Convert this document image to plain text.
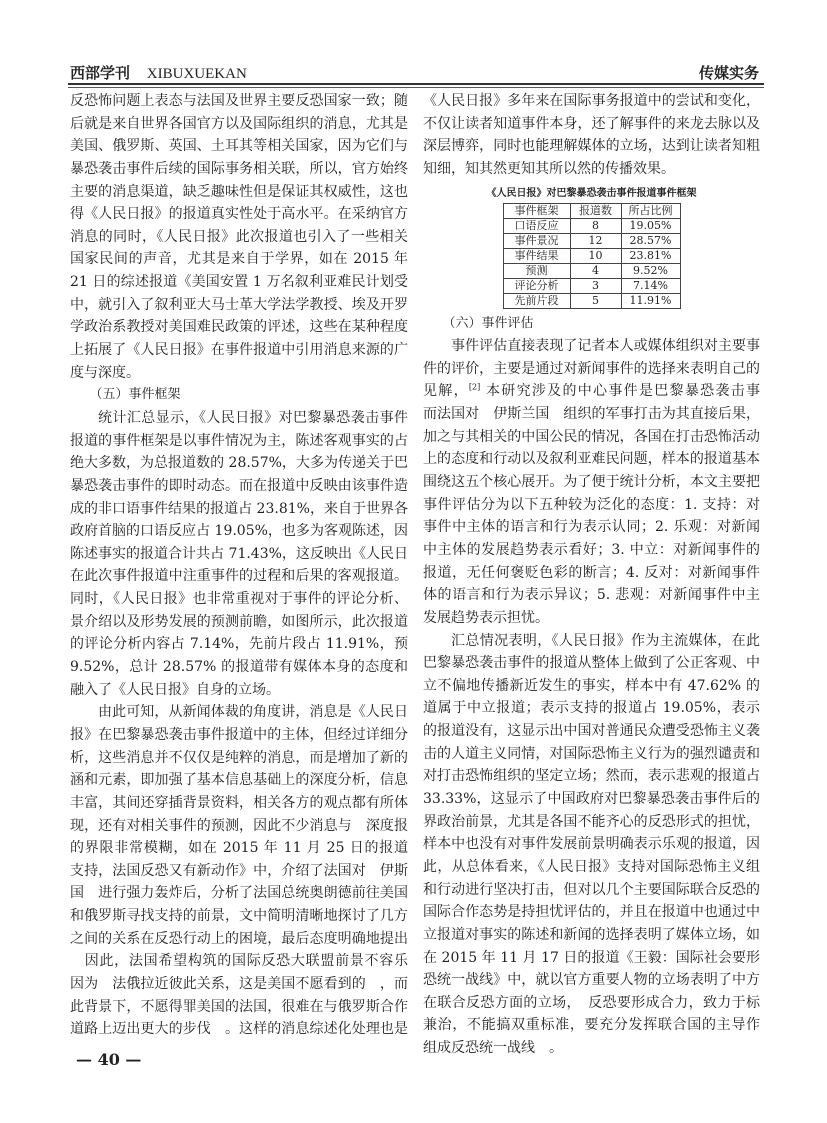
西部学刊 XIBUXUEKAN	传媒实务
反恐怖问题上表态与法国及世界主要反恐国家一致；随
后就是来自世界各国官方以及国际组织的消息，尤其是
美国、俄罗斯、英国、土耳其等相关国家，因为它们与
暴恐袭击事件后续的国际事务相关联，所以，官方始终
主要的消息渠道，缺乏趣味性但是保证其权威性，这也
得《人民日报》的报道真实性处于高水平。在采纳官方
消息的同时，《人民日报》此次报道也引入了一些相关
国家民间的声音，尤其是来自于学界，如在 2015 年
21 日的综述报道《美国安置 1 万名叙利亚难民计划受
中，就引入了叙利亚大马士革大学法学教授、埃及开罗
学政治系教授对美国难民政策的评述，这些在某种程度
上拓展了《人民日报》在事件报道中引用消息来源的广
度与深度。
（五）事件框架
统计汇总显示，《人民日报》对巴黎暴恐袭击事件
报道的事件框架是以事件情况为主，陈述客观事实的占
绝大多数，为总报道数的 28.57%，大多为传递关于巴
暴恐袭击事件的即时动态。而在报道中反映由该事件造
成的非口语事件结果的报道占 23.81%，来自于世界各
政府首脑的口语反应占 19.05%，也多为客观陈述，因
陈述事实的报道合计共占 71.43%，这反映出《人民日
在此次事件报道中注重事件的过程和后果的客观报道。
同时，《人民日报》也非常重视对于事件的评论分析、
景介绍以及形势发展的预测前瞻，如图所示，此次报道
的评论分析内容占 7.14%，先前片段占 11.91%，预
9.52%，总计 28.57% 的报道带有媒体本身的态度和
融入了《人民日报》自身的立场。
由此可知，从新闻体裁的角度讲，消息是《人民日
报》在巴黎暴恐袭击事件报道中的主体，但经过详细分
析，这些消息并不仅仅是纯粹的消息，而是增加了新的
涵和元素，即加强了基本信息基础上的深度分析，信息
丰富，其间还穿插背景资料，相关各方的观点都有所体
现，还有对相关事件的预测，因此不少消息与　深度报
的界限非常模糊，如在 2015 年 11 月 25 日的报道
支持，法国反恐又有新动作》中，介绍了法国对　伊斯
国　进行强力轰炸后，分析了法国总统奥朗德前往美国
和俄罗斯寻找支持的前景，文中简明清晰地探讨了几方
之间的关系在反恐行动上的困境，最后态度明确地提出
　因此，法国希望构筑的国际反恐大联盟前景不容乐　
因为　法俄拉近彼此关系，这是美国不愿看到的　，而　
此背景下，不愿得罪美国的法国，很难在与俄罗斯合作
道路上迈出更大的步伐　。这样的消息综述化处理也是
《人民日报》多年来在国际事务报道中的尝试和变化，
不仅让读者知道事件本身，还了解事件的来龙去脉以及
深层博弈，同时也能理解媒体的立场，达到让读者知粗
知细，知其然更知其所以然的传播效果。
《人民日报》对巴黎暴恐袭击事件报道事件框架
事件框架	报道数	所占比例
口语反应	8	19.05%
事件景况	12	28.57%
事件结果	10	23.81%
预测	4	9.52%
评论分析	3	7.14%
先前片段	5	11.91%
（六）事件评估
事件评估直接表现了记者本人或媒体组织对主要事
件的评价，主要是通过对新闻事件的选择来表明自己的
见解，[2] 本研究涉及的中心事件是巴黎暴恐袭击事
而法国对　伊斯兰国　组织的军事打击为其直接后果，
加之与其相关的中国公民的情况，各国在打击恐怖活动
上的态度和行动以及叙利亚难民问题，样本的报道基本
围绕这五个核心展开。为了便于统计分析，本文主要把
事件评估分为以下五种较为泛化的态度：1. 支持：对
事件中主体的语言和行为表示认同；2. 乐观：对新闻
中主体的发展趋势表示看好；3. 中立：对新闻事件的
报道，无任何褒贬色彩的断言；4. 反对：对新闻事件
体的语言和行为表示异议；5. 悲观：对新闻事件中主
发展趋势表示担忧。
汇总情况表明，《人民日报》作为主流媒体，在此
巴黎暴恐袭击事件的报道从整体上做到了公正客观、中
立不偏地传播新近发生的事实，样本中有 47.62% 的
道属于中立报道；表示支持的报道占 19.05%，表示
的报道没有，这显示出中国对普通民众遭受恐怖主义袭
击的人道主义同情，对国际恐怖主义行为的强烈谴责和
对打击恐怖组织的坚定立场；然而，表示悲观的报道占
33.33%，这显示了中国政府对巴黎暴恐袭击事件后的
界政治前景，尤其是各国不能齐心的反恐形式的担忧，
样本中也没有对事件发展前景明确表示乐观的报道，因
此，从总体看来，《人民日报》支持对国际恐怖主义组
和行动进行坚决打击，但对以几个主要国际联合反恐的
国际合作态势是持担忧评估的，并且在报道中也通过中
立报道对事实的陈述和新闻的选择表明了媒体立场，如
在 2015 年 11 月 17 日的报道《王毅：国际社会要形
恐统一战线》中，就以官方重要人物的立场表明了中方
在联合反恐方面的立场，　反恐要形成合力，致力于标
兼治，不能搞双重标准，要充分发挥联合国的主导作
组成反恐统一战线　。
— 40 —
